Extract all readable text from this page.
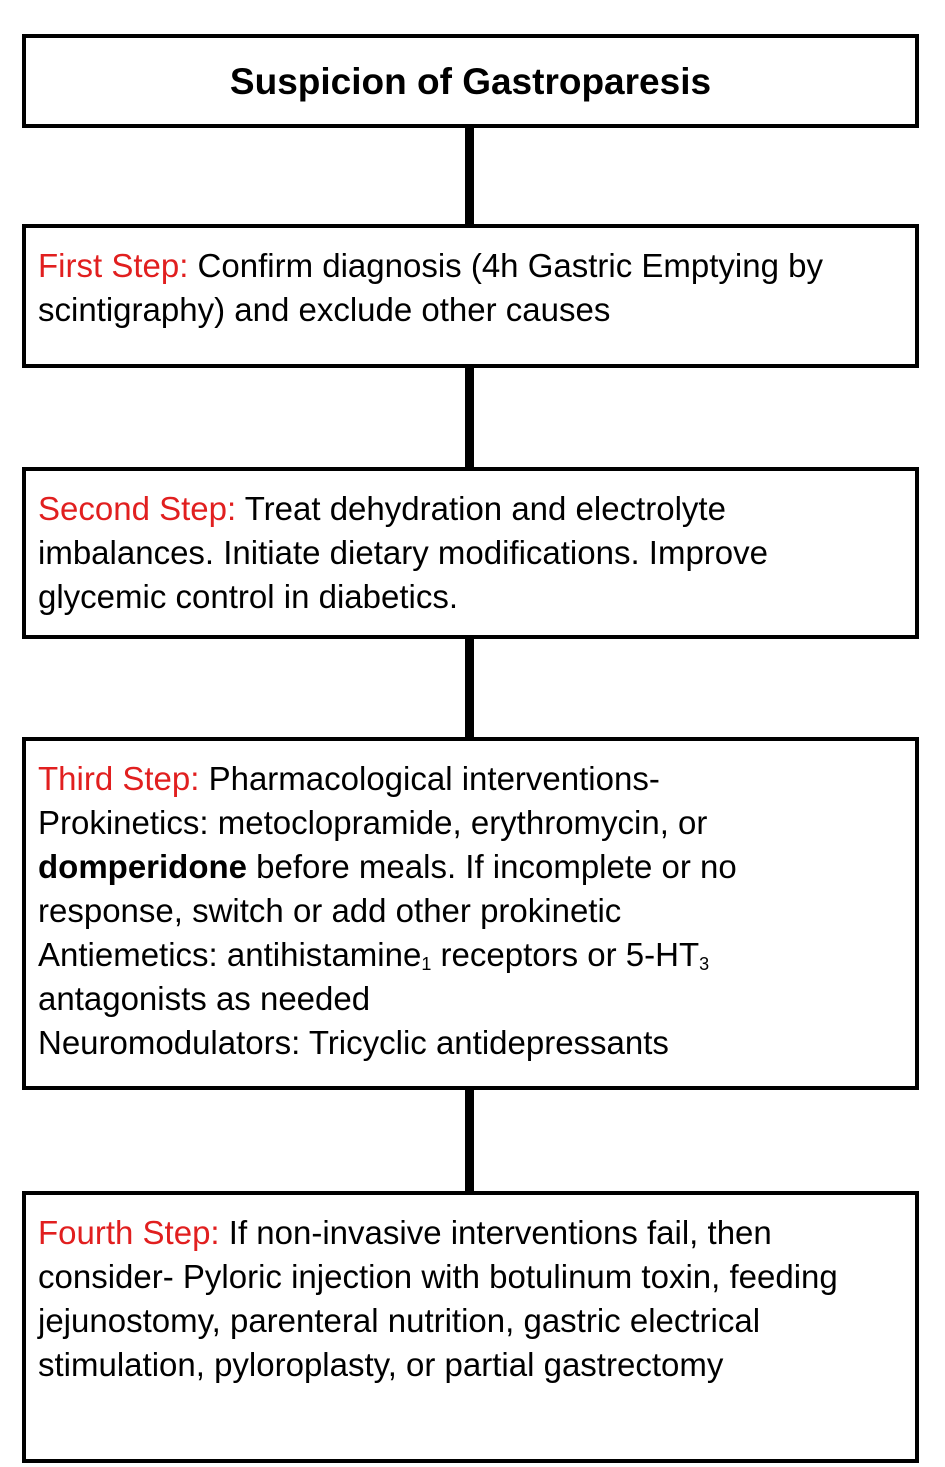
Suspicion of Gastroparesis

First Step: Confirm diagnosis (4h Gastric Emptying by scintigraphy) and exclude other causes

Second Step: Treat dehydration and electrolyte imbalances. Initiate dietary modifications. Improve glycemic control in diabetics.

Third Step: Pharmacological interventions-
Prokinetics: metoclopramide, erythromycin, or
domperidone before meals. If incomplete or no
response, switch or add other prokinetic
Antiemetics: antihistamine$_1$ receptors or $5-HT_3$
antagonists as needed
Neuromodulators: Tricyclic antidepressants

Fourth Step: If non-invasive interventions fail, then consider- Pyloric injection with botulinum toxin, feeding jejunostomy, parenteral nutrition, gastric electrical stimulation, pyloroplasty, or partial gastrectomy
